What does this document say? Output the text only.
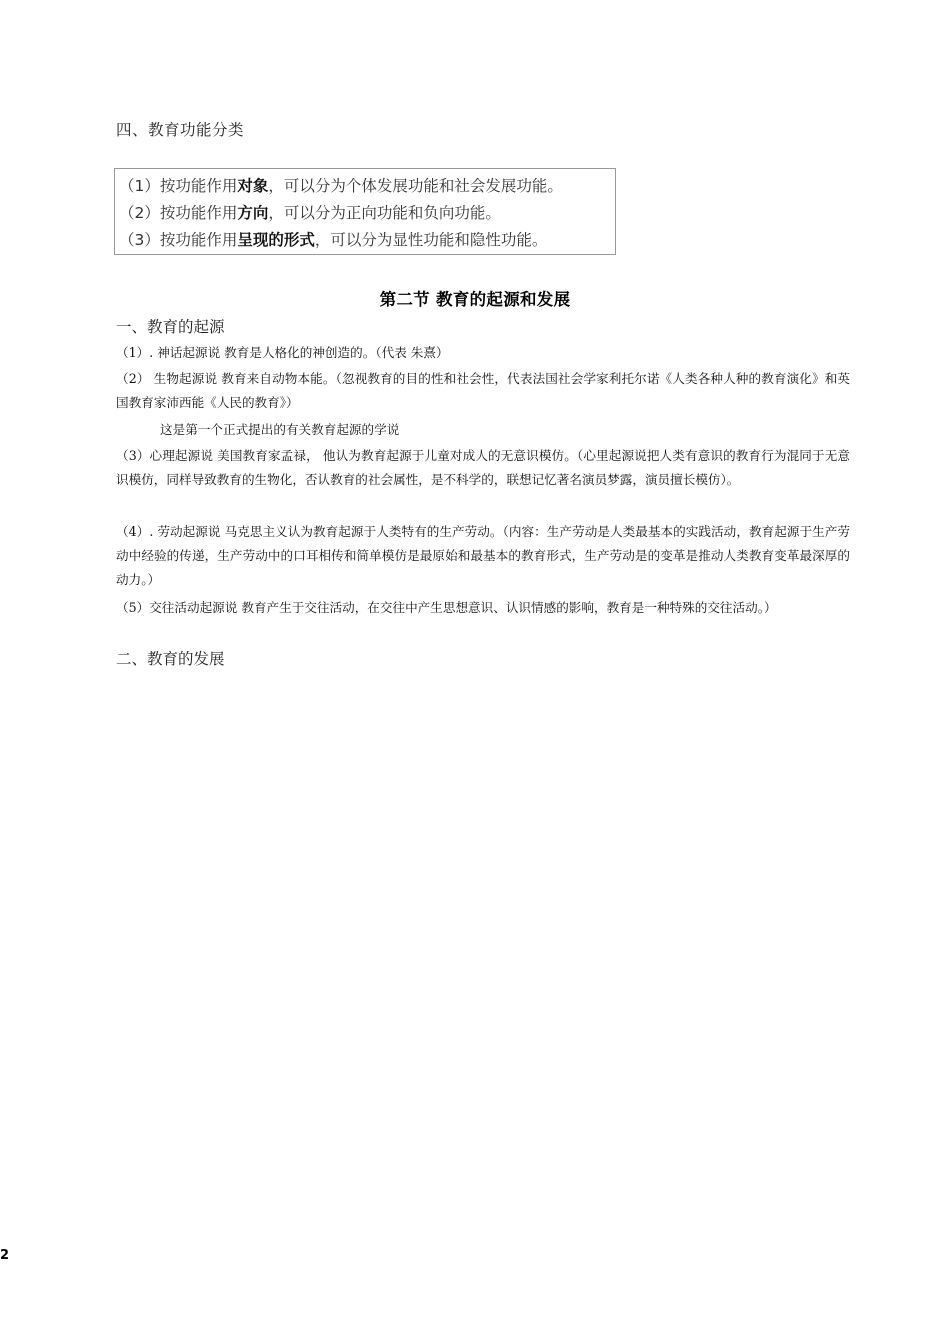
四、教育功能分类
（1）按功能作用对象，可以分为个体发展功能和社会发展功能。
（2）按功能作用方向，可以分为正向功能和负向功能。
（3）按功能作用呈现的形式，可以分为显性功能和隐性功能。
第二节 教育的起源和发展
一、教育的起源
（1）. 神话起源说 教育是人格化的神创造的。（代表 朱熹）
（2） 生物起源说 教育来自动物本能。（忽视教育的目的性和社会性，代表法国社会学家利托尔诺《人类各种人种的教育演化》和英国教育家沛西能《人民的教育》）
这是第一个正式提出的有关教育起源的学说
（3）心理起源说 美国教育家孟禄， 他认为教育起源于儿童对成人的无意识模仿。（心里起源说把人类有意识的教育行为混同于无意识模仿，同样导致教育的生物化，否认教育的社会属性，是不科学的，联想记忆著名演员梦露，演员擅长模仿）。
（4）. 劳动起源说 马克思主义认为教育起源于人类特有的生产劳动。（内容：生产劳动是人类最基本的实践活动，教育起源于生产劳动中经验的传递，生产劳动中的口耳相传和简单模仿是最原始和最基本的教育形式，生产劳动是的变革是推动人类教育变革最深厚的动力。）
（5）交往活动起源说 教育产生于交往活动，在交往中产生思想意识、认识情感的影响，教育是一种特殊的交往活动。）
二、教育的发展
2
